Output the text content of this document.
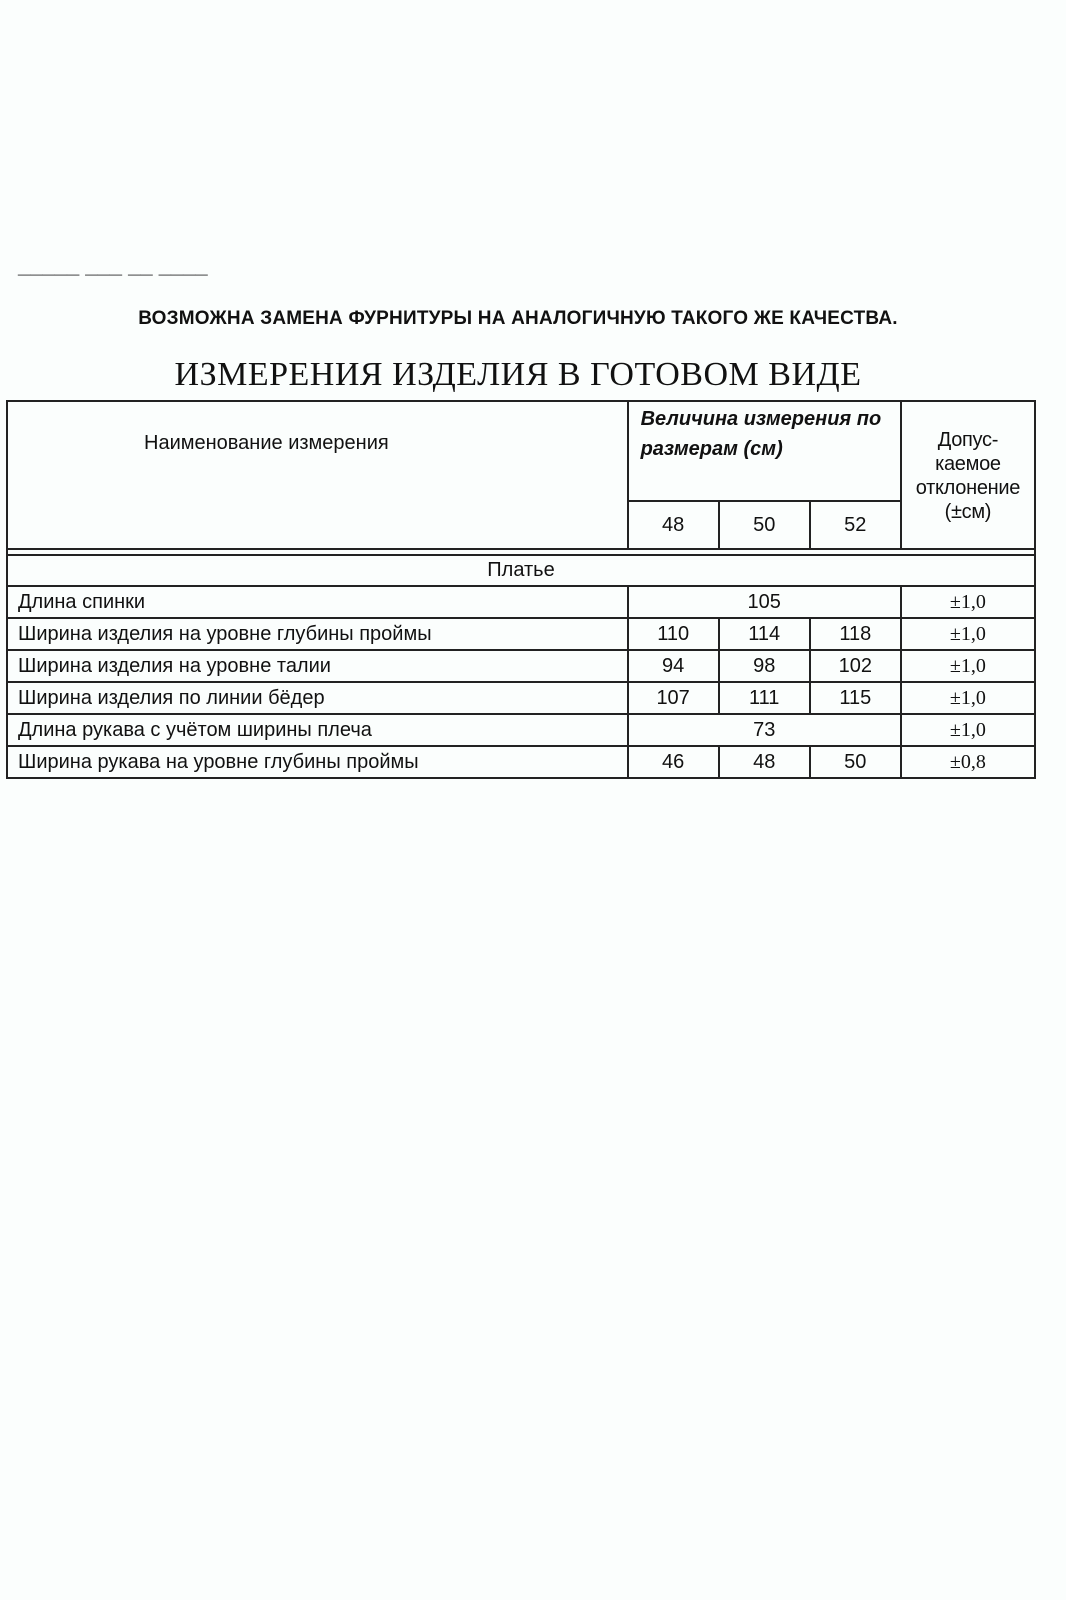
_____ ___ __ ____
ВОЗМОЖНА ЗАМЕНА ФУРНИТУРЫ НА АНАЛОГИЧНУЮ ТАКОГО ЖЕ КАЧЕСТВА.
ИЗМЕРЕНИЯ ИЗДЕЛИЯ В ГОТОВОМ ВИДЕ
Наименование измерения	Величина измерения по размерам (см)			Допус-
каемое
отклонение
(±см)

	48	50	52	

Платье				
Длина спинки	105			±1,0
Ширина изделия на уровне глубины проймы	110	114	118	±1,0
Ширина изделия на уровне талии	94	98	102	±1,0
Ширина изделия по линии бёдер	107	111	115	±1,0
Длина рукава с учётом ширины плеча	73			±1,0
Ширина рукава на уровне глубины проймы	46	48	50	±0,8
